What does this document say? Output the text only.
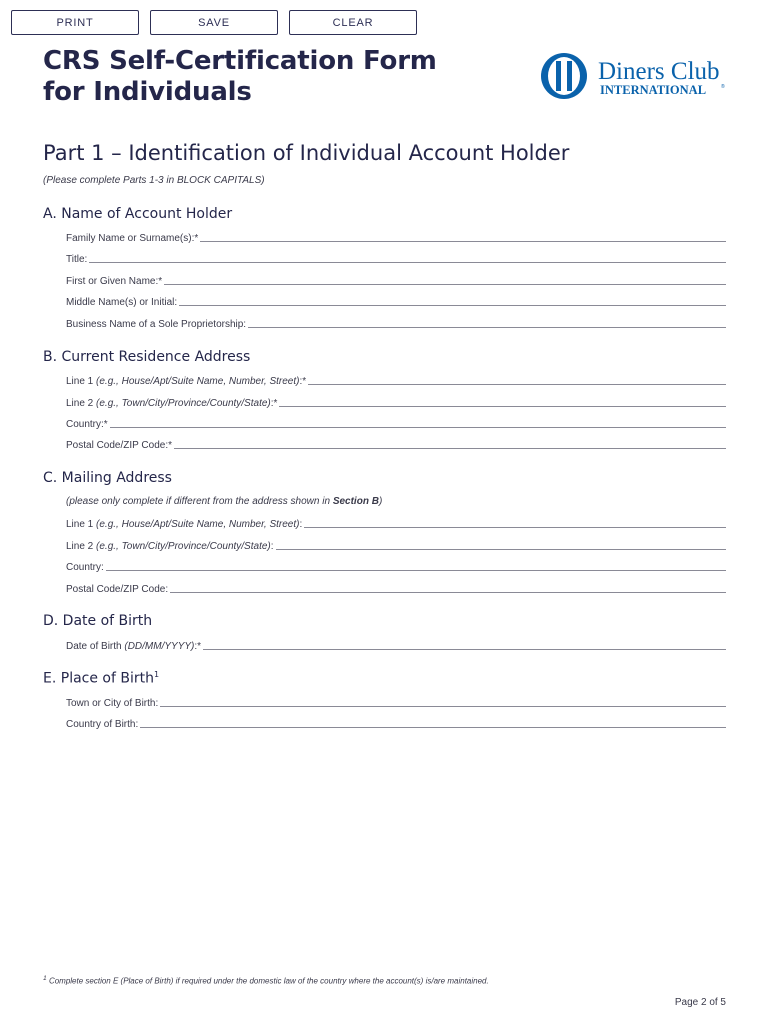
PRINT	SAVE	CLEAR
CRS Self-Certification Form
for Individuals
Diners Club
INTERNATIONAL	®
Part 1 – Identification of Individual Account Holder
(Please complete Parts 1-3 in BLOCK CAPITALS)
A. Name of Account Holder
Family Name or Surname(s):*
Title:
First or Given Name:*
Middle Name(s) or Initial:
Business Name of a Sole Proprietorship:
B. Current Residence Address
Line 1 (e.g., House/Apt/Suite Name, Number, Street):*
Line 2 (e.g., Town/City/Province/County/State):*
Country:*
Postal Code/ZIP Code:*
C. Mailing Address
(please only complete if different from the address shown in Section B)
Line 1 (e.g., House/Apt/Suite Name, Number, Street):
Line 2 (e.g., Town/City/Province/County/State):
Country:
Postal Code/ZIP Code:
D. Date of Birth
Date of Birth (DD/MM/YYYY):*
E. Place of Birth$^1$
Town or City of Birth:
Country of Birth:
$^1$ Complete section E (Place of Birth) if required under the domestic law of the country where the account(s) is/are maintained.
Page 2 of 5
